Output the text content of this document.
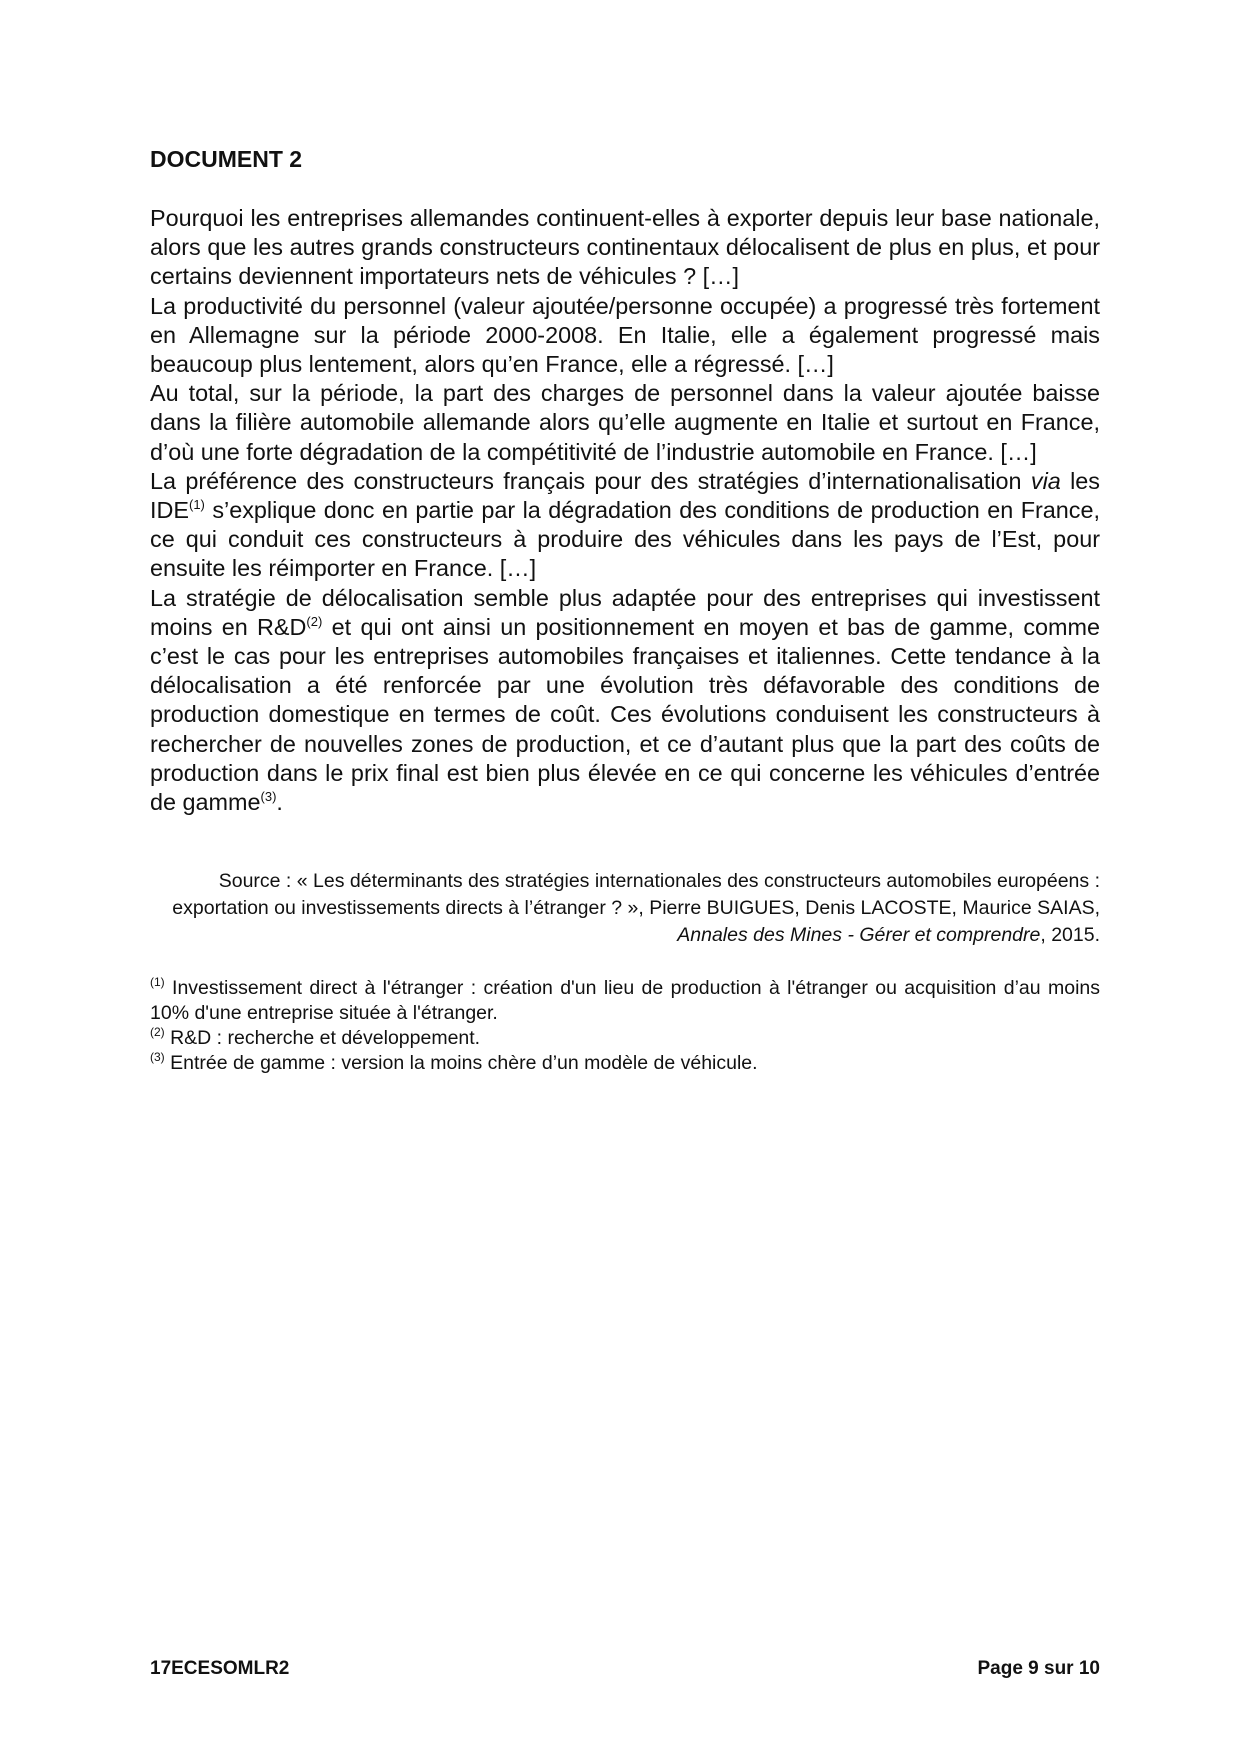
DOCUMENT 2

Pourquoi les entreprises allemandes continuent-elles à exporter depuis leur base nationale, alors que les autres grands constructeurs continentaux délocalisent de plus en plus, et pour certains deviennent importateurs nets de véhicules ? […]

La productivité du personnel (valeur ajoutée/personne occupée) a progressé très fortement en Allemagne sur la période 2000-2008. En Italie, elle a également progressé mais beaucoup plus lentement, alors qu’en France, elle a régressé. […]

Au total, sur la période, la part des charges de personnel dans la valeur ajoutée baisse dans la filière automobile allemande alors qu’elle augmente en Italie et surtout en France, d’où une forte dégradation de la compétitivité de l’industrie automobile en France. […]

La préférence des constructeurs français pour des stratégies d’internationalisation via les IDE$^{(1)}$ s’explique donc en partie par la dégradation des conditions de production en France, ce qui conduit ces constructeurs à produire des véhicules dans les pays de l’Est, pour ensuite les réimporter en France. […]

La stratégie de délocalisation semble plus adaptée pour des entreprises qui investissent moins en $R\&D^{(2)}$ et qui ont ainsi un positionnement en moyen et bas de gamme, comme c’est le cas pour les entreprises automobiles françaises et italiennes. Cette tendance à la délocalisation a été renforcée par une évolution très défavorable des conditions de production domestique en termes de coût. Ces évolutions conduisent les constructeurs à rechercher de nouvelles zones de production, et ce d’autant plus que la part des coûts de production dans le prix final est bien plus élevée en ce qui concerne les véhicules d’entrée de gamme$^{(3)}$.

Source : « Les déterminants des stratégies internationales des constructeurs automobiles européens : exportation ou investissements directs à l’étranger ? », Pierre BUIGUES, Denis LACOSTE, Maurice SAIAS, Annales des Mines - Gérer et comprendre, 2015.

$^{(1)}$ Investissement direct à l'étranger : création d'un lieu de production à l'étranger ou acquisition d’au moins 10% d'une entreprise située à l'étranger.

$^{(2)}$ R&D : recherche et développement.

$^{(3)}$ Entrée de gamme : version la moins chère d’un modèle de véhicule.

17ECESOMLR2	Page 9 sur 10
